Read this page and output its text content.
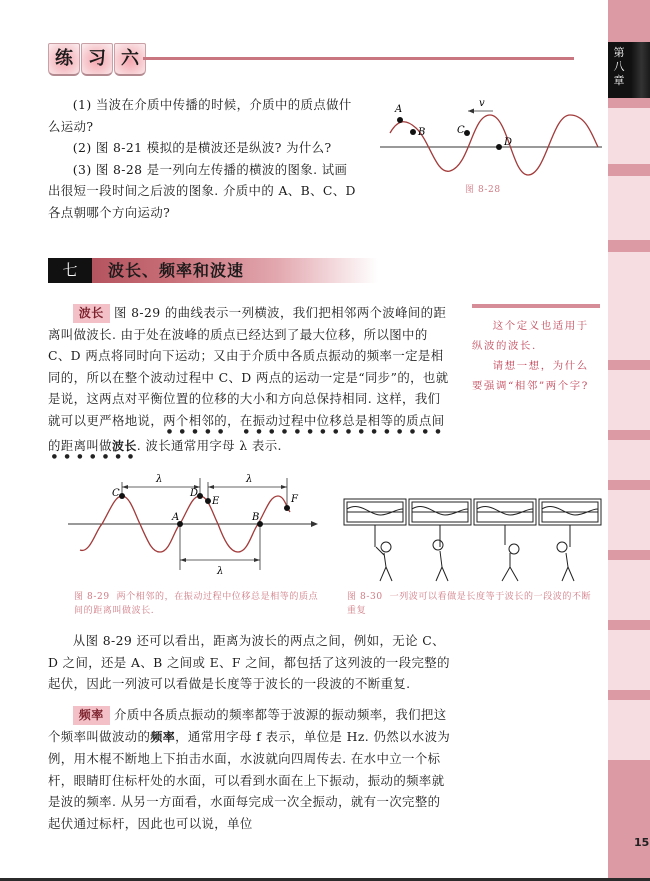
第
八
章
15
练 习 六

(1) 当波在介质中传播的时候，介质中的质点做什么运动?

(2) 图 8-21 模拟的是横波还是纵波? 为什么?

(3) 图 8-28 是一列向左传播的横波的图象. 试画出很短一段时间之后波的图象. 介质中的 A、B、C、D 各点朝哪个方向运动?

v
A
B	C
D
图 8-28
七	波长、频率和波速

波长 图 8-29 的曲线表示一列横波，我们把相邻两个波峰间的距离叫做波长. 由于处在波峰的质点已经达到了最大位移，所以图中的 C、D 两点将同时向下运动；又由于介质中各质点振动的频率一定是相同的，所以在整个波动过程中 C、D 两点的运动一定是“同步”的，也就是说，这两点对平衡位置的位移的大小和方向总保持相同. 这样，我们就可以更严格地说，两个相邻的，在振动过程中位移总是相等的质点间的距离叫做波长. 波长通常用字母 λ 表示.

这个定义也适用于纵波的波长.

请想一想，为什么要强调“相邻”两个字?

λ	λ
λ
A	B
C	D
E	F
图 8-29 两个相邻的，在振动过程中位移总是相等的质点间的距离叫做波长.
图 8-30 一列波可以看做是长度等于波长的一段波的不断重复

从图 8-29 还可以看出，距离为波长的两点之间，例如，无论 C、D 之间，还是 A、B 之间或 E、F 之间，都包括了这列波的一段完整的起伏，因此一列波可以看做是长度等于波长的一段波的不断重复.

频率 介质中各质点振动的频率都等于波源的振动频率，我们把这个频率叫做波动的频率，通常用字母 f 表示，单位是 Hz. 仍然以水波为例，用木棍不断地上下拍击水面，水波就向四周传去. 在水中立一个标杆，眼睛盯住标杆处的水面，可以看到水面在上下振动，振动的频率就是波的频率. 从另一方面看，水面每完成一次全振动，就有一次完整的起伏通过标杆，因此也可以说，单位
